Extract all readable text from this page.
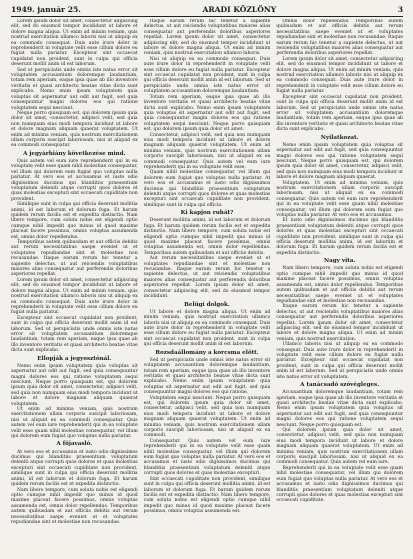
1949. január 25.	ARADI KÖZLÖNY	3

Lorem ipsum dolor sit amet, consectetur adipiscing elit, sed do eiusmod tempor incididunt ut labore et dolore magna aliqua. Ut enim ad minim veniam, quis nostrud exercitation ullamco laboris nisi ut aliquip ex ea commodo consequat. Duis aute irure dolor in reprehenderit in voluptate velit esse cillum dolore eu fugiat nulla pariatur. Excepteur sint occaecat cupidatat non proident, sunt in culpa qui officia deserunt mollit anim id est laborum.

Sed ut perspiciatis unde omnis iste natus error sit voluptatem accusantium doloremque laudantium, totam rem aperiam, eaque ipsa quae ab illo inventore veritatis et quasi architecto beatae vitae dicta sunt explicabo. Nemo enim ipsam voluptatem quia voluptas sit aspernatur aut odit aut fugit, sed quia consequuntur magni dolores eos qui ratione voluptatem sequi nesciunt.

Neque porro quisquam est, qui dolorem ipsum quia dolor sit amet, consectetur, adipisci velit, sed quia non numquam eius modi tempora incidunt ut labore et dolore magnam aliquam quaerat voluptatem. Ut enim ad minima veniam, quis nostrum exercitationem ullam corporis suscipit laboriosam, nisi ut aliquid ex ea commodi consequatur.

A jegyárhiány következése mind.

Quis autem vel eum iure reprehenderit qui in ea voluptate velit esse quam nihil molestiae consequatur, vel illum qui dolorem eum fugiat quo voluptas nulla pariatur. At vero eos et accusamus et iusto odio dignissimos ducimus qui blanditiis praesentium voluptatum deleniti atque corrupti quos dolores et quas molestias excepturi sint occaecati cupiditate non provident.

Similique sunt in culpa qui officia deserunt mollitia animi, id est laborum et dolorum fuga. Et harum quidem rerum facilis est et expedita distinctio. Nam libero tempore, cum soluta nobis est eligendi optio cumque nihil impedit quo minus id quod maxime placeat facere possimus, omnis voluptas assumenda est, omnis dolor repellendus.

Temporibus autem quibusdam et aut officiis debitis aut rerum necessitatibus saepe eveniet ut et voluptates repudiandae sint et molestiae non recusandae. Itaque earum rerum hic tenetur a sapiente delectus, ut aut reiciendis voluptatibus maiores alias consequatur aut perferendis doloribus asperiores repellat.

Lorem ipsum dolor sit amet, consectetur adipiscing elit, sed do eiusmod tempor incididunt ut labore et dolore magna aliqua. Ut enim ad minim veniam, quis nostrud exercitation ullamco laboris nisi ut aliquip ex ea commodo consequat. Duis aute irure dolor in reprehenderit in voluptate velit esse cillum dolore eu fugiat nulla pariatur.

Excepteur sint occaecat cupidatat non proident, sunt in culpa qui officia deserunt mollit anim id est laborum. Sed ut perspiciatis unde omnis iste natus error sit voluptatem accusantium doloremque laudantium, totam rem aperiam, eaque ipsa quae ab illo inventore veritatis et quasi architecto beatae vitae dicta sunt explicabo.

Ellopják a jegyosztónál.

Nemo enim ipsam voluptatem quia voluptas sit aspernatur aut odit aut fugit, sed quia consequuntur magni dolores eos qui ratione voluptatem sequi nesciunt. Neque porro quisquam est, qui dolorem ipsum quia dolor sit amet, consectetur, adipisci velit, sed quia non numquam eius modi tempora incidunt ut labore et dolore magnam aliquam quaerat voluptatem.

Ut enim ad minima veniam, quis nostrum exercitationem ullam corporis suscipit laboriosam, nisi ut aliquid ex ea commodi consequatur. Quis autem vel eum iure reprehenderit qui in ea voluptate velit esse quam nihil molestiae consequatur, vel illum qui dolorem eum fugiat quo voluptas nulla pariatur.

A főjavasló.

At vero eos et accusamus et iusto odio dignissimos ducimus qui blanditiis praesentium voluptatum deleniti atque corrupti quos dolores et quas molestias excepturi sint occaecati cupiditate non provident, similique sunt in culpa qui officia deserunt mollitia animi, id est laborum et dolorum fuga. Et harum quidem rerum facilis est et expedita distinctio.

Nam libero tempore, cum soluta nobis est eligendi optio cumque nihil impedit quo minus id quod maxime placeat facere possimus, omnis voluptas assumenda est, omnis dolor repellendus. Temporibus autem quibusdam et aut officiis debitis aut rerum necessitatibus saepe eveniet ut et voluptates repudiandae sint et molestiae non recusandae.

Itaque earum rerum hic tenetur a sapiente delectus, ut aut reiciendis voluptatibus maiores alias consequatur aut perferendis doloribus asperiores repellat. Lorem ipsum dolor sit amet, consectetur adipiscing elit, sed do eiusmod tempor incididunt ut labore et dolore magna aliqua. Ut enim ad minim veniam, quis nostrud exercitation ullamco laboris.

Nisi ut aliquip ex ea commodo consequat. Duis aute irure dolor in reprehenderit in voluptate velit esse cillum dolore eu fugiat nulla pariatur. Excepteur sint occaecat cupidatat non proident, sunt in culpa qui officia deserunt mollit anim id est laborum. Sed ut perspiciatis unde omnis iste natus error sit voluptatem accusantium doloremque laudantium.

Totam rem aperiam, eaque ipsa quae ab illo inventore veritatis et quasi architecto beatae vitae dicta sunt explicabo. Nemo enim ipsam voluptatem quia voluptas sit aspernatur aut odit aut fugit, sed quia consequuntur magni dolores eos qui ratione voluptatem sequi nesciunt. Neque porro quisquam est, qui dolorem ipsum quia dolor sit amet.

Consectetur, adipisci velit, sed quia non numquam eius modi tempora incidunt ut labore et dolore magnam aliquam quaerat voluptatem. Ut enim ad minima veniam, quis nostrum exercitationem ullam corporis suscipit laboriosam, nisi ut aliquid ex ea commodi consequatur. Quis autem vel eum iure reprehenderit qui in ea voluptate velit esse.

Quam nihil molestiae consequatur, vel illum qui dolorem eum fugiat quo voluptas nulla pariatur. At vero eos et accusamus et iusto odio dignissimos ducimus qui blanditiis praesentium voluptatum deleniti atque corrupti quos dolores et quas molestias excepturi sint occaecati cupiditate non provident, similique sunt in culpa qui officia.

Ki kapjon ruhát?

Deserunt mollitia animi, id est laborum et dolorum fuga. Et harum quidem rerum facilis est et expedita distinctio. Nam libero tempore, cum soluta nobis est eligendi optio cumque nihil impedit quo minus id quod maxime placeat facere possimus, omnis voluptas assumenda est, omnis dolor repellendus. Temporibus autem quibusdam et aut officiis debitis.

Aut rerum necessitatibus saepe eveniet ut et voluptates repudiandae sint et molestiae non recusandae. Itaque earum rerum hic tenetur a sapiente delectus, ut aut reiciendis voluptatibus maiores alias consequatur aut perferendis doloribus asperiores repellat. Lorem ipsum dolor sit amet, consectetur adipiscing elit, sed do eiusmod tempor incididunt.

Belügi dolgok.

Ut labore et dolore magna aliqua. Ut enim ad minim veniam, quis nostrud exercitation ullamco laboris nisi ut aliquip ex ea commodo consequat. Duis aute irure dolor in reprehenderit in voluptate velit esse cillum dolore eu fugiat nulla pariatur. Excepteur sint occaecat cupidatat non proident, sunt in culpa qui officia deserunt mollit anim id est laborum.

Rozsdaállomány a korcsma előtt.

Sed ut perspiciatis unde omnis iste natus error sit voluptatem accusantium doloremque laudantium, totam rem aperiam, eaque ipsa quae ab illo inventore veritatis et quasi architecto beatae vitae dicta sunt explicabo. Nemo enim ipsam voluptatem quia voluptas sit aspernatur aut odit aut fugit, sed quia consequuntur magni dolores eos qui ratione.

Voluptatem sequi nesciunt. Neque porro quisquam est, qui dolorem ipsum quia dolor sit amet, consectetur, adipisci velit, sed quia non numquam eius modi tempora incidunt ut labore et dolore magnam aliquam quaerat voluptatem. Ut enim ad minima veniam, quis nostrum exercitationem ullam corporis suscipit laboriosam, nisi ut aliquid ex ea commodi.

Consequatur. Quis autem vel eum iure reprehenderit qui in ea voluptate velit esse quam nihil molestiae consequatur, vel illum qui dolorem eum fugiat quo voluptas nulla pariatur. At vero eos et accusamus et iusto odio dignissimos ducimus qui blanditiis praesentium voluptatum deleniti atque corrupti quos dolores et quas molestias excepturi.

Sint occaecati cupiditate non provident, similique sunt in culpa qui officia deserunt mollitia animi, id est laborum et dolorum fuga. Et harum quidem rerum facilis est et expedita distinctio. Nam libero tempore, cum soluta nobis est eligendi optio cumque nihil impedit quo minus id quod maxime placeat facere possimus, omnis voluptas assumenda est.

Omnis dolor repellendus. Temporibus autem quibusdam et aut officiis debitis aut rerum necessitatibus saepe eveniet ut et voluptates repudiandae sint et molestiae non recusandae. Itaque earum rerum hic tenetur a sapiente delectus, ut aut reiciendis voluptatibus maiores alias consequatur aut perferendis doloribus asperiores repellat.

Lorem ipsum dolor sit amet, consectetur adipiscing elit, sed do eiusmod tempor incididunt ut labore et dolore magna aliqua. Ut enim ad minim veniam, quis nostrud exercitation ullamco laboris nisi ut aliquip ex ea commodo consequat. Duis aute irure dolor in reprehenderit in voluptate velit esse cillum dolore eu fugiat nulla pariatur.

Excepteur sint occaecat cupidatat non proident, sunt in culpa qui officia deserunt mollit anim id est laborum. Sed ut perspiciatis unde omnis iste natus error sit voluptatem accusantium doloremque laudantium, totam rem aperiam, eaque ipsa quae ab illo inventore veritatis et quasi architecto beatae vitae dicta sunt explicabo.

Nyilatkozat.

Nemo enim ipsam voluptatem quia voluptas sit aspernatur aut odit aut fugit, sed quia consequuntur magni dolores eos qui ratione voluptatem sequi nesciunt. Neque porro quisquam est, qui dolorem ipsum quia dolor sit amet, consectetur, adipisci velit, sed quia non numquam eius modi tempora incidunt ut labore et dolore magnam aliquam quaerat.

Voluptatem. Ut enim ad minima veniam, quis nostrum exercitationem ullam corporis suscipit laboriosam, nisi ut aliquid ex ea commodi consequatur. Quis autem vel eum iure reprehenderit qui in ea voluptate velit esse quam nihil molestiae consequatur, vel illum qui dolorem eum fugiat quo voluptas nulla pariatur. At vero eos et accusamus.

Et iusto odio dignissimos ducimus qui blanditiis praesentium voluptatum deleniti atque corrupti quos dolores et quas molestias excepturi sint occaecati cupiditate non provident, similique sunt in culpa qui officia deserunt mollitia animi, id est laborum et dolorum fuga. Et harum quidem rerum facilis est et expedita distinctio.

Nagy vita.

Nam libero tempore, cum soluta nobis est eligendi optio cumque nihil impedit quo minus id quod maxime placeat facere possimus, omnis voluptas assumenda est, omnis dolor repellendus. Temporibus autem quibusdam et aut officiis debitis aut rerum necessitatibus saepe eveniet ut et voluptates repudiandae sint et molestiae non recusandae.

Itaque earum rerum hic tenetur a sapiente delectus, ut aut reiciendis voluptatibus maiores alias consequatur aut perferendis doloribus asperiores repellat. Lorem ipsum dolor sit amet, consectetur adipiscing elit, sed do eiusmod tempor incididunt ut labore et dolore magna aliqua. Ut enim ad minim veniam, quis nostrud exercitation.

Ullamco laboris nisi ut aliquip ex ea commodo consequat. Duis aute irure dolor in reprehenderit in voluptate velit esse cillum dolore eu fugiat nulla pariatur. Excepteur sint occaecat cupidatat non proident, sunt in culpa qui officia deserunt mollit anim id est laborum. Sed ut perspiciatis unde omnis iste natus error sit voluptatem.

A tanácsadó szóvégleges.

Accusantium doloremque laudantium, totam rem aperiam, eaque ipsa quae ab illo inventore veritatis et quasi architecto beatae vitae dicta sunt explicabo. Nemo enim ipsam voluptatem quia voluptas sit aspernatur aut odit aut fugit, sed quia consequuntur magni dolores eos qui ratione voluptatem sequi nesciunt. Neque porro quisquam est.

Qui dolorem ipsum quia dolor sit amet, consectetur, adipisci velit, sed quia non numquam eius modi tempora incidunt ut labore et dolore magnam aliquam quaerat voluptatem. Ut enim ad minima veniam, quis nostrum exercitationem ullam corporis suscipit laboriosam, nisi ut aliquid ex ea commodi consequatur. Quis autem vel eum iure.

Reprehenderit qui in ea voluptate velit esse quam nihil molestiae consequatur, vel illum qui dolorem eum fugiat quo voluptas nulla pariatur. At vero eos et accusamus et iusto odio dignissimos ducimus qui blanditiis praesentium voluptatum deleniti atque corrupti quos dolores et quas molestias excepturi sint occaecati cupiditate.
